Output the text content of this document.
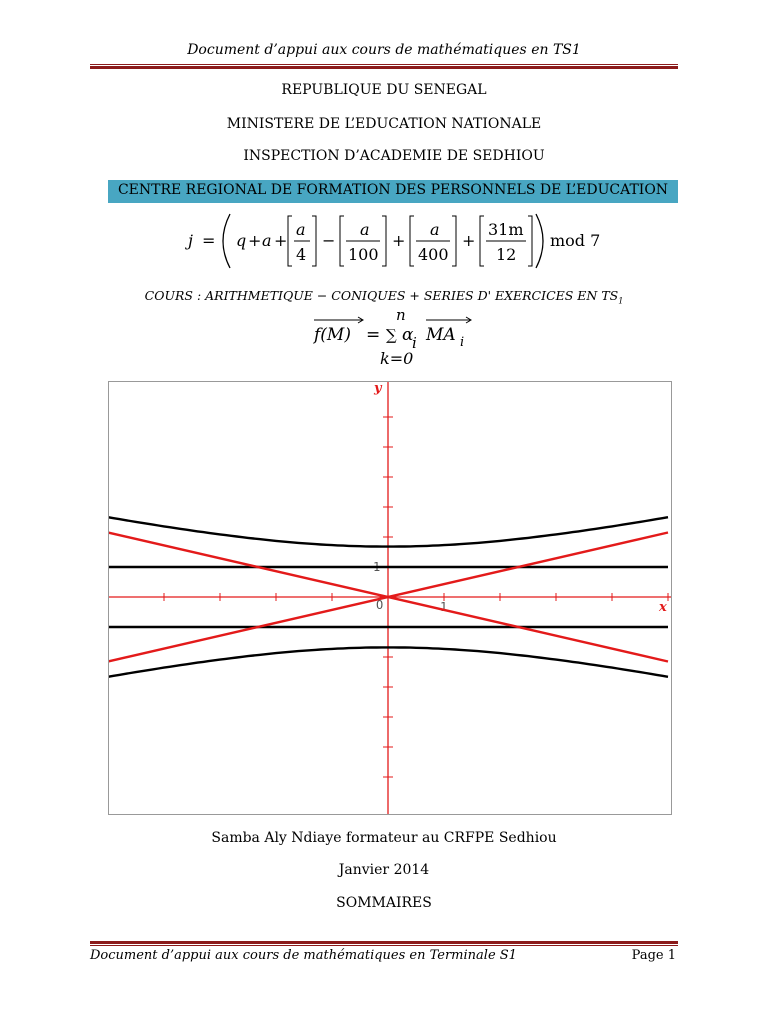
Document d’appui aux cours de mathématiques en TS1
REPUBLIQUE DU SENEGAL
MINISTERE DE L’EDUCATION NATIONALE
INSPECTION D’ACADEMIE DE SEDHIOU
CENTRE REGIONAL DE FORMATION DES PERSONNELS DE L’EDUCATION
j = q + a +
a
4
−
a
100
+
a
400
+
31m
12
mod 7
COURS : ARITHMETIQUE − CONIQUES + SERIES D' EXERCICES EN $TS_1$
f(M) =
n
∑ α
i MA i
k=0
x
y
O	1
1
Samba Aly Ndiaye formateur au CRFPE Sedhiou
Janvier 2014
SOMMAIRES
Document d’appui aux cours de mathématiques en Terminale S1	Page 1
